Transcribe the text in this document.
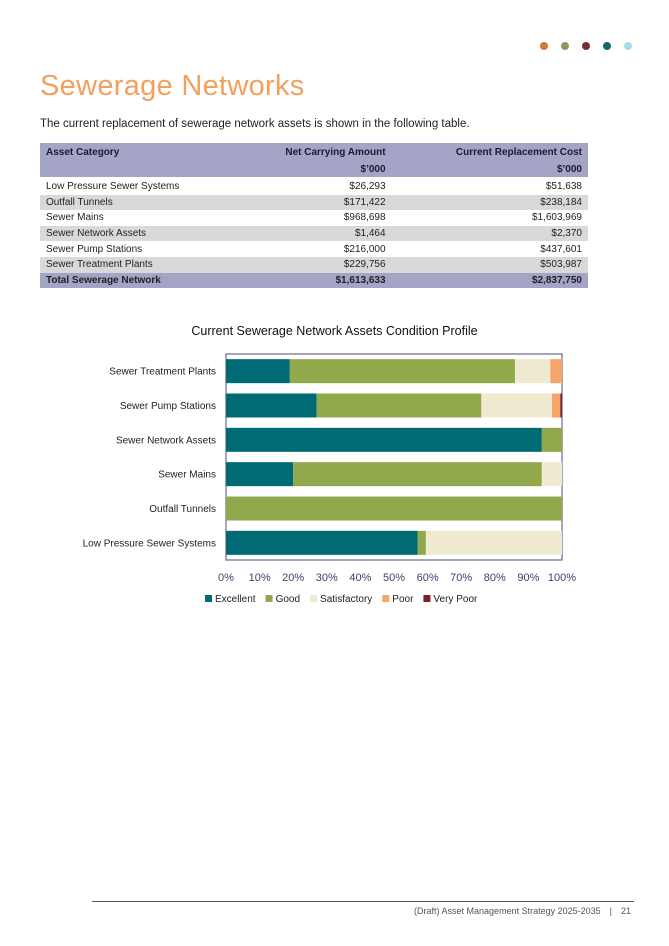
Sewerage Networks
The current replacement of sewerage network assets is shown in the following table.
Asset Category	Net Carrying Amount	Current Replacement Cost
	$’000	$’000
Low Pressure Sewer Systems	$26,293	$51,638
Outfall Tunnels	$171,422	$238,184
Sewer Mains	$968,698	$1,603,969
Sewer Network Assets	$1,464	$2,370
Sewer Pump Stations	$216,000	$437,601
Sewer Treatment Plants	$229,756	$503,987
Total Sewerage Network	$1,613,633	$2,837,750
Current Sewerage Network Assets Condition Profile
Sewer Treatment Plants
Sewer Pump Stations
Sewer Network Assets
Sewer Mains
Outfall Tunnels
Low Pressure Sewer Systems
0% 10% 20% 30% 40% 50% 60% 70% 80% 90% 100%
Excellent Good Satisfactory Poor Very Poor
(Draft) Asset Management Strategy 2025-2035 | 21
